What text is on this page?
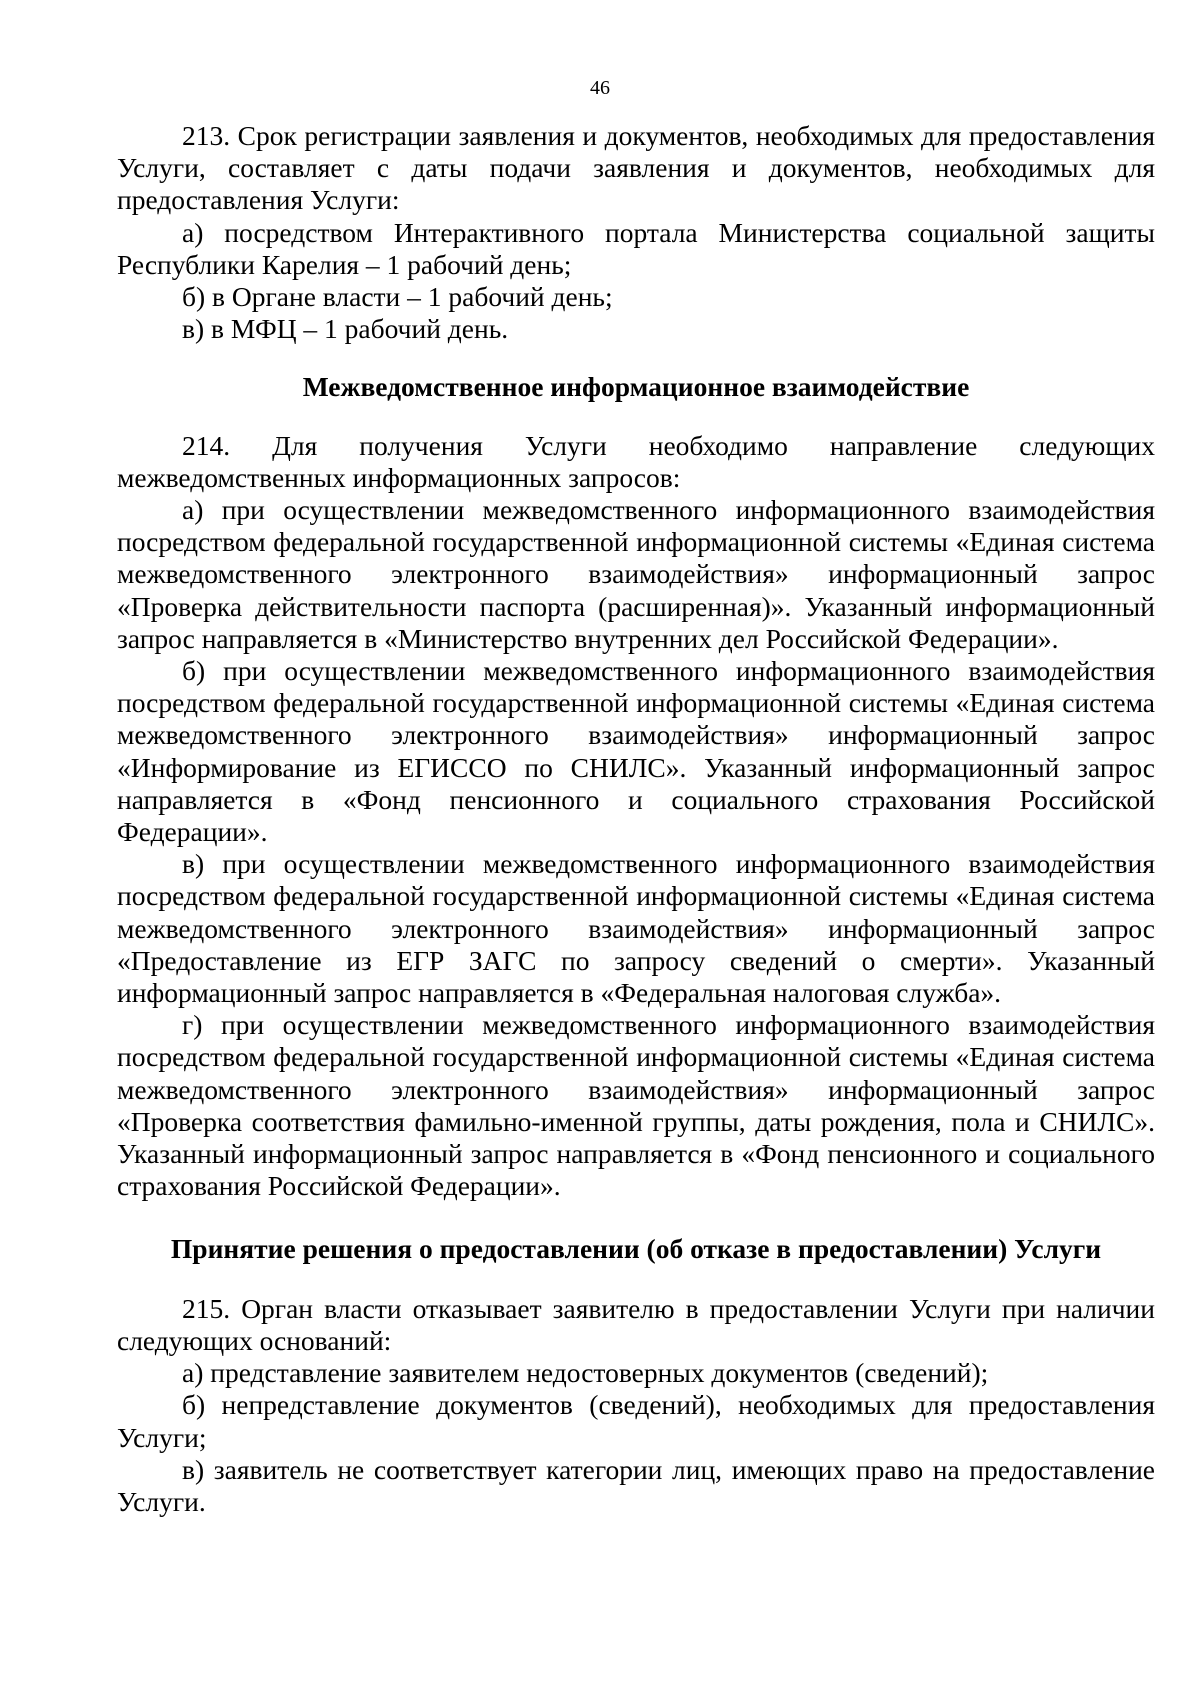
46

213. Срок регистрации заявления и документов, необходимых для предоставления Услуги, составляет с даты подачи заявления и документов, необходимых для предоставления Услуги:

а) посредством Интерактивного портала Министерства социальной защиты Республики Карелия – 1 рабочий день;

б) в Органе власти – 1 рабочий день;

в) в МФЦ – 1 рабочий день.

Межведомственное информационное взаимодействие

214. Для получения Услуги необходимо направление следующих межведомственных информационных запросов:

а) при осуществлении межведомственного информационного взаимодействия посредством федеральной государственной информационной системы «Единая система межведомственного электронного взаимодействия» информационный запрос «Проверка действительности паспорта (расширенная)». Указанный информационный запрос направляется в «Министерство внутренних дел Российской Федерации».

б) при осуществлении межведомственного информационного взаимодействия посредством федеральной государственной информационной системы «Единая система межведомственного электронного взаимодействия» информационный запрос «Информирование из ЕГИССО по СНИЛС». Указанный информационный запрос направляется в «Фонд пенсионного и социального страхования Российской Федерации».

в) при осуществлении межведомственного информационного взаимодействия посредством федеральной государственной информационной системы «Единая система межведомственного электронного взаимодействия» информационный запрос «Предоставление из ЕГР ЗАГС по запросу сведений о смерти». Указанный информационный запрос направляется в «Федеральная налоговая служба».

г) при осуществлении межведомственного информационного взаимодействия посредством федеральной государственной информационной системы «Единая система межведомственного электронного взаимодействия» информационный запрос «Проверка соответствия фамильно-именной группы, даты рождения, пола и СНИЛС». Указанный информационный запрос направляется в «Фонд пенсионного и социального страхования Российской Федерации».

Принятие решения о предоставлении (об отказе в предоставлении) Услуги

215. Орган власти отказывает заявителю в предоставлении Услуги при наличии следующих оснований:

а) представление заявителем недостоверных документов (сведений);

б) непредставление документов (сведений), необходимых для предоставления Услуги;

в) заявитель не соответствует категории лиц, имеющих право на предоставление Услуги.
